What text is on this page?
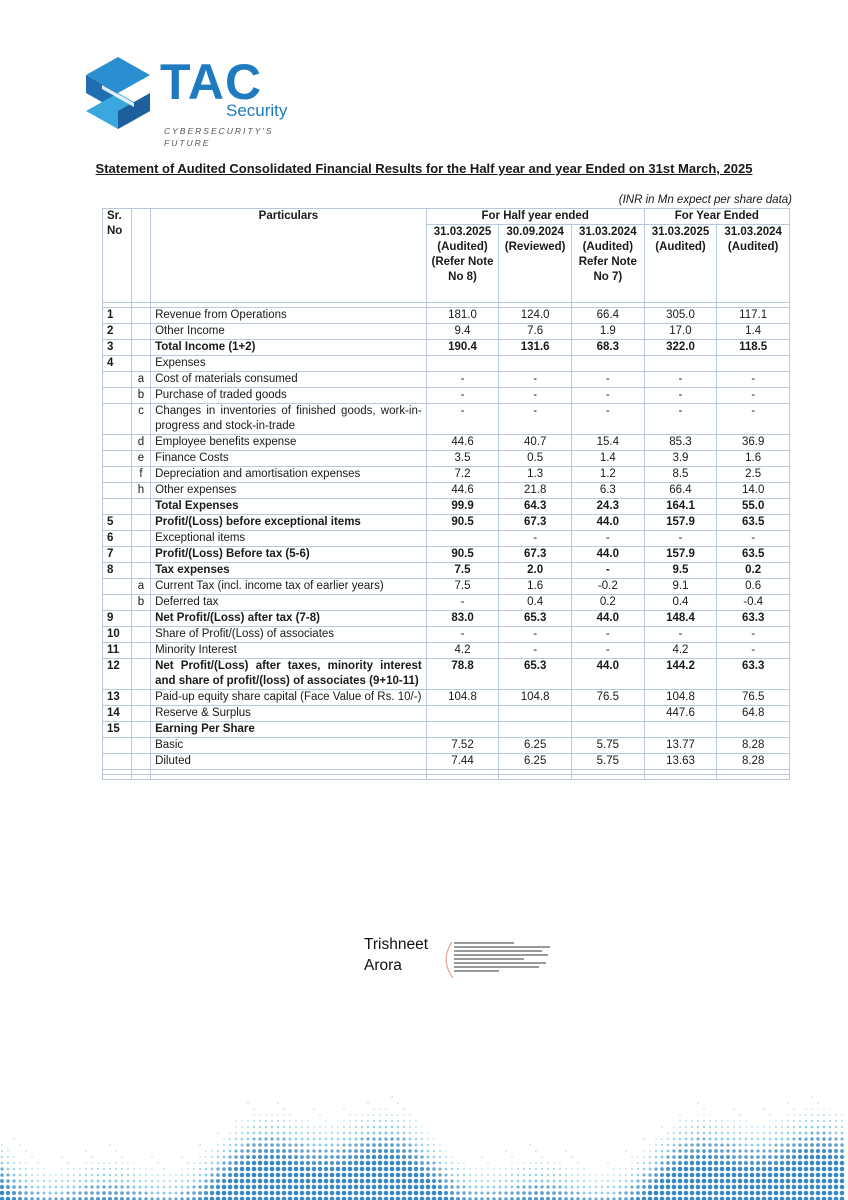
TAC
Security
CYBERSECURITY'S FUTURE
Statement of Audited Consolidated Financial Results for the Half year and year Ended on 31st March, 2025
(INR in Mn expect per share data)
Sr. No		Particulars	For Half year ended			For Year Ended	
			31.03.2025 (Audited) (Refer Note No 8)	30.09.2024 (Reviewed)	31.03.2024 (Audited) Refer Note No 7)	31.03.2025 (Audited)	31.03.2024 (Audited)

1		Revenue from Operations	181.0	124.0	66.4	305.0	117.1
2		Other Income	9.4	7.6	1.9	17.0	1.4
3		Total Income (1+2)	190.4	131.6	68.3	322.0	118.5
4		Expenses					
	a	Cost of materials consumed	-	-	-	-	-
	b	Purchase of traded goods	-	-	-	-	-
	c	Changes in inventories of finished goods, work-in-progress and stock-in-trade	-	-	-	-	-
	d	Employee benefits expense	44.6	40.7	15.4	85.3	36.9
	e	Finance Costs	3.5	0.5	1.4	3.9	1.6
	f	Depreciation and amortisation expenses	7.2	1.3	1.2	8.5	2.5
	h	Other expenses	44.6	21.8	6.3	66.4	14.0
		Total Expenses	99.9	64.3	24.3	164.1	55.0
5		Profit/(Loss) before exceptional items	90.5	67.3	44.0	157.9	63.5
6		Exceptional items		-	-	-	-
7		Profit/(Loss) Before tax (5-6)	90.5	67.3	44.0	157.9	63.5
8		Tax expenses	7.5	2.0	-	9.5	0.2
	a	Current Tax (incl. income tax of earlier years)	7.5	1.6	-0.2	9.1	0.6
	b	Deferred tax	-	0.4	0.2	0.4	-0.4
9		Net Profit/(Loss) after tax (7-8)	83.0	65.3	44.0	148.4	63.3
10		Share of Profit/(Loss) of associates	-	-	-	-	-
11		Minority Interest	4.2	-	-	4.2	-
12		Net Profit/(Loss) after taxes, minority interest and share of profit/(loss) of associates (9+10-11)	78.8	65.3	44.0	144.2	63.3
13		Paid-up equity share capital (Face Value of Rs. 10/-)	104.8	104.8	76.5	104.8	76.5
14		Reserve & Surplus				447.6	64.8
15		Earning Per Share					
		Basic	7.52	6.25	5.75	13.77	8.28
		Diluted	7.44	6.25	5.75	13.63	8.28

Trishneet
Arora
